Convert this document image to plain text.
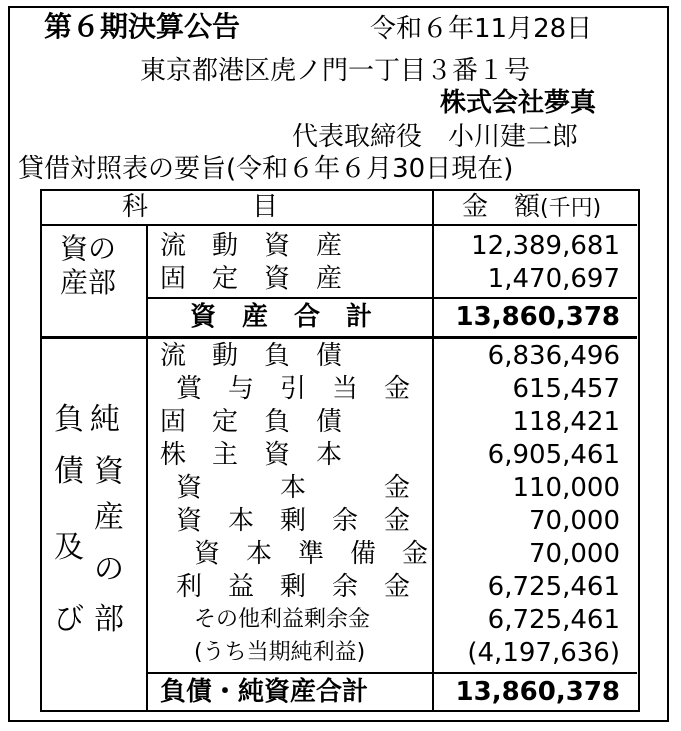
第６期決算公告	令和６年11月28日
東京都港区虎ノ門一丁目３番１号
株式会社夢真
代表取締役　小川建二郎
貸借対照表の要旨(令和６年６月30日現在)
科　　　　目	金　額(千円)
資の
産部
流　動　資　産	12,389,681
固　定　資　産	1,470,697
資　産　合　計	13,860,378
負
債
及
び
純
資
産
の
部
流　動　負　債	6,836,496
賞　与　引　当　金	615,457
固　定　負　債	118,421
株　主　資　本	6,905,461
資　　　本　　　金	110,000
資　本　剰　余　金	70,000
資　本　準　備　金	70,000
利　益　剰　余　金	6,725,461
その他利益剰余金	6,725,461
(うち当期純利益)	(4,197,636)
負債・純資産合計	13,860,378
